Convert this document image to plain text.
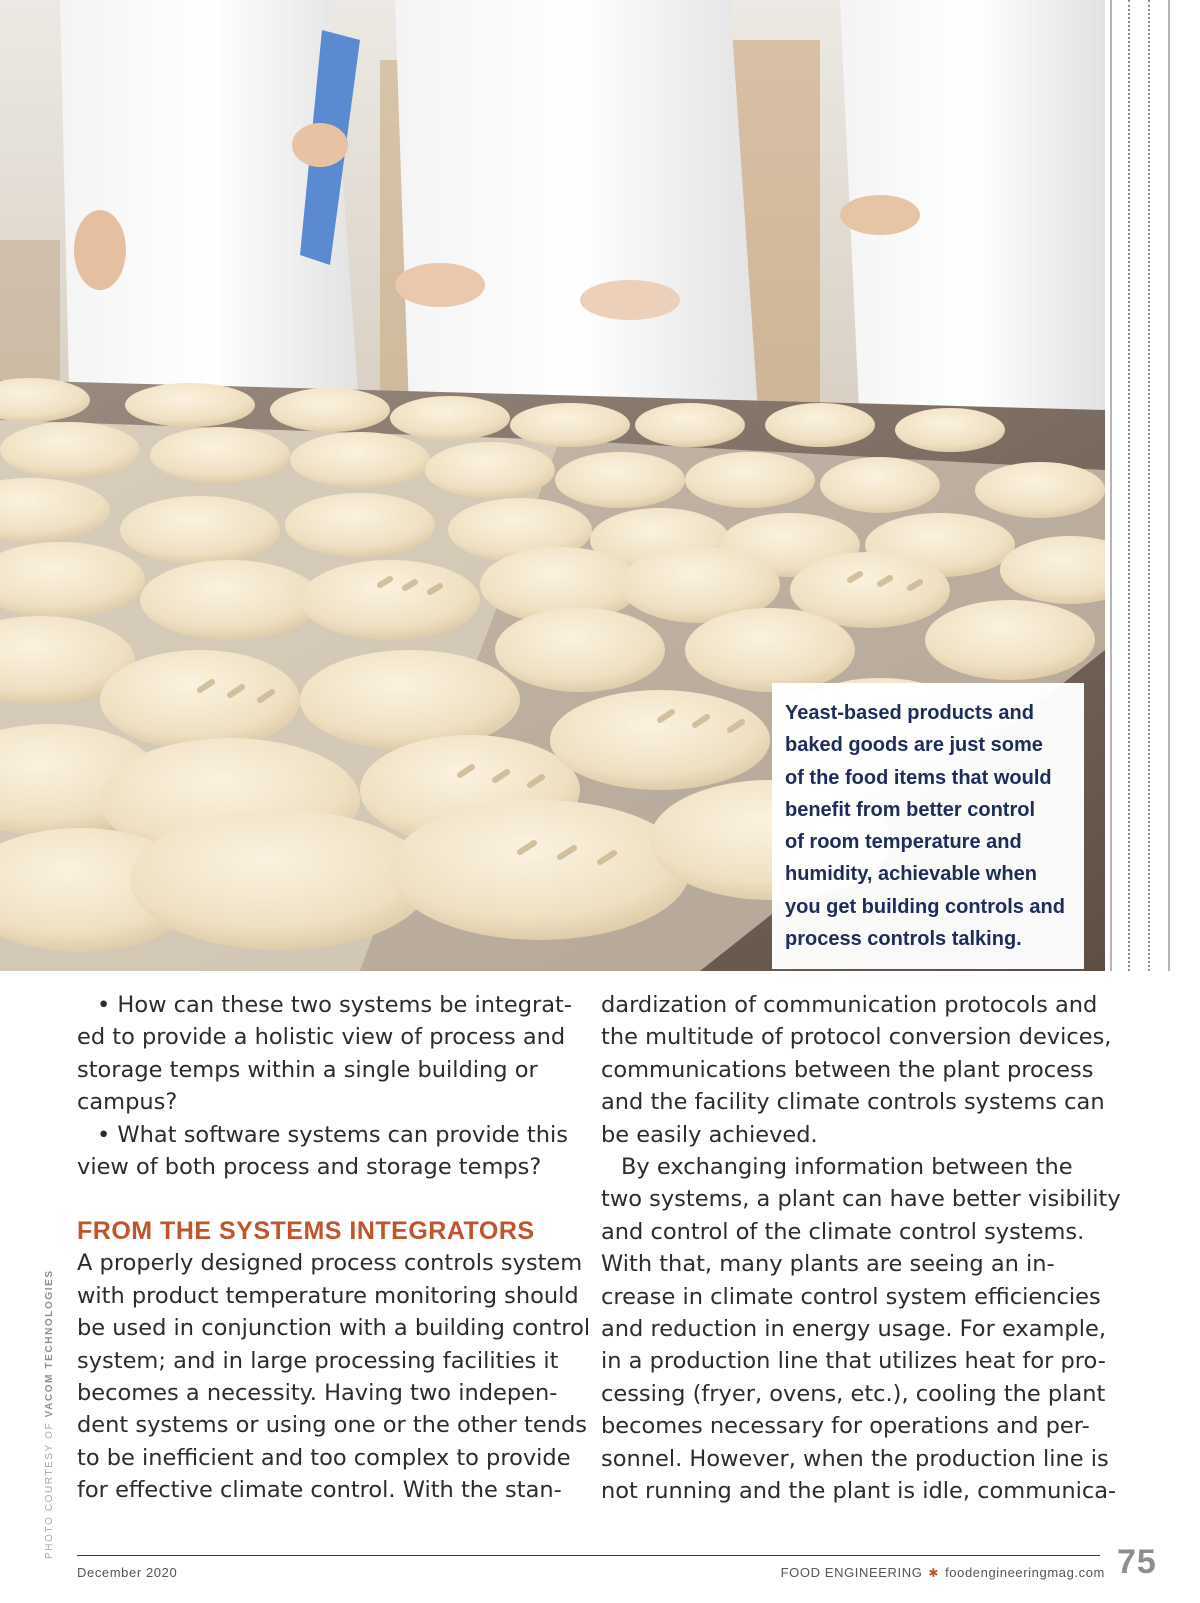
Yeast-based products and
baked goods are just some
of the food items that would
benefit from better control
of room temperature and
humidity, achievable when
you get building controls and
process controls talking.
PHOTO COURTESY OF VACOM TECHNOLOGIES

• How can these two systems be integrat-

ed to provide a holistic view of process and

storage temps within a single building or

campus?

• What software systems can provide this

view of both process and storage temps?

FROM THE SYSTEMS INTEGRATORS

A properly designed process controls system

with product temperature monitoring should

be used in conjunction with a building control

system; and in large processing facilities it

becomes a necessity. Having two indepen-

dent systems or using one or the other tends

to be inefficient and too complex to provide

for effective climate control. With the stan-

dardization of communication protocols and

the multitude of protocol conversion devices,

communications between the plant process

and the facility climate controls systems can

be easily achieved.

By exchanging information between the

two systems, a plant can have better visibility

and control of the climate control systems.

With that, many plants are seeing an in-

crease in climate control system efficiencies

and reduction in energy usage. For example,

in a production line that utilizes heat for pro-

cessing (fryer, ovens, etc.), cooling the plant

becomes necessary for operations and per-

sonnel. However, when the production line is

not running and the plant is idle, communica-

December 2020	FOOD ENGINEERING ✱ foodengineeringmag.com 75
